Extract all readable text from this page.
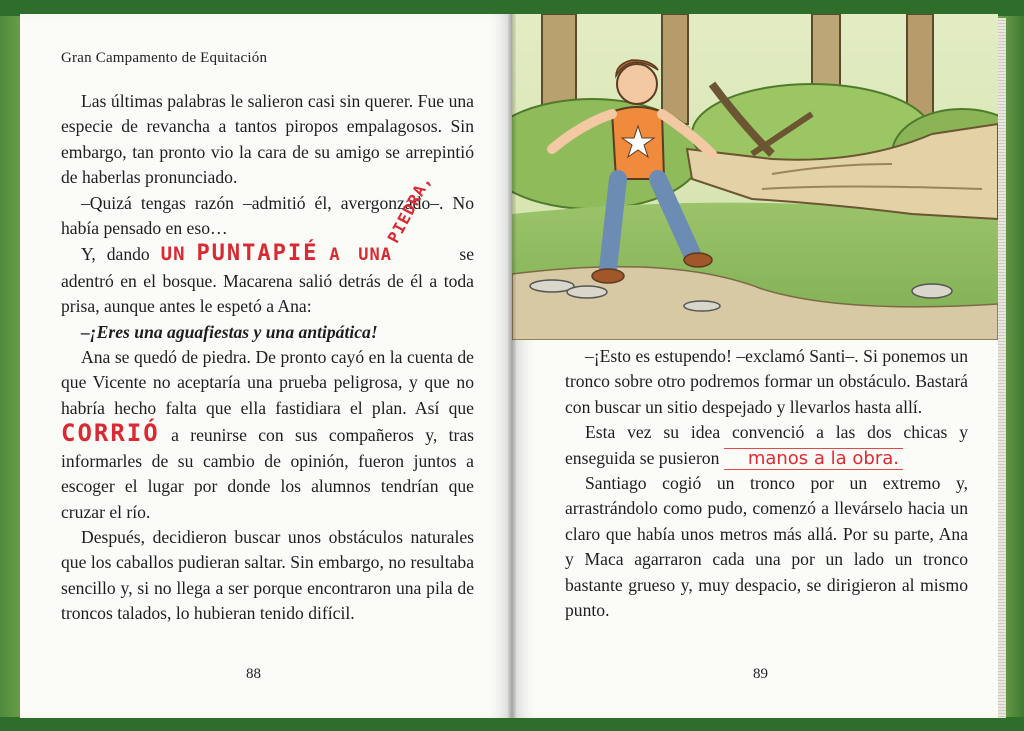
Gran Campamento de Equitación

Las últimas palabras le salieron casi sin querer. Fue una especie de revancha a tantos piropos empalagosos. Sin embargo, tan pronto vio la cara de su amigo se arrepintió de haberlas pronunciado.

–Quizá tengas razón –admitió él, avergonzado–. No había pensado en eso…

Y, dando UN PUNTAPIÉ A UNAPIEDRA, se adentró en el bosque. Macarena salió detrás de él a toda prisa, aunque antes le espetó a Ana:

–¡Eres una aguafiestas y una antipática!

Ana se quedó de piedra. De pronto cayó en la cuenta de que Vicente no aceptaría una prueba peligrosa, y que no habría hecho falta que ella fastidiara el plan. Así que CORRIÓ a reunirse con sus compañeros y, tras informarles de su cambio de opinión, fueron juntos a escoger el lugar por donde los alumnos tendrían que cruzar el río.

Después, decidieron buscar unos obstáculos naturales que los caballos pudieran saltar. Sin embargo, no resultaba sencillo y, si no llega a ser porque encontraron una pila de troncos talados, lo hubieran tenido difícil.

88

–¡Esto es estupendo! –exclamó Santi–. Si ponemos un tronco sobre otro podremos formar un obstáculo. Bastará con buscar un sitio despejado y llevarlos hasta allí.

Esta vez su idea convenció a las dos chicas y enseguida se pusieron manos a la obra.

Santiago cogió un tronco por un extremo y, arrastrándolo como pudo, comenzó a llevárselo hacia un claro que había unos metros más allá. Por su parte, Ana y Maca agarraron cada una por un lado un tronco bastante grueso y, muy despacio, se dirigieron al mismo punto.

89
